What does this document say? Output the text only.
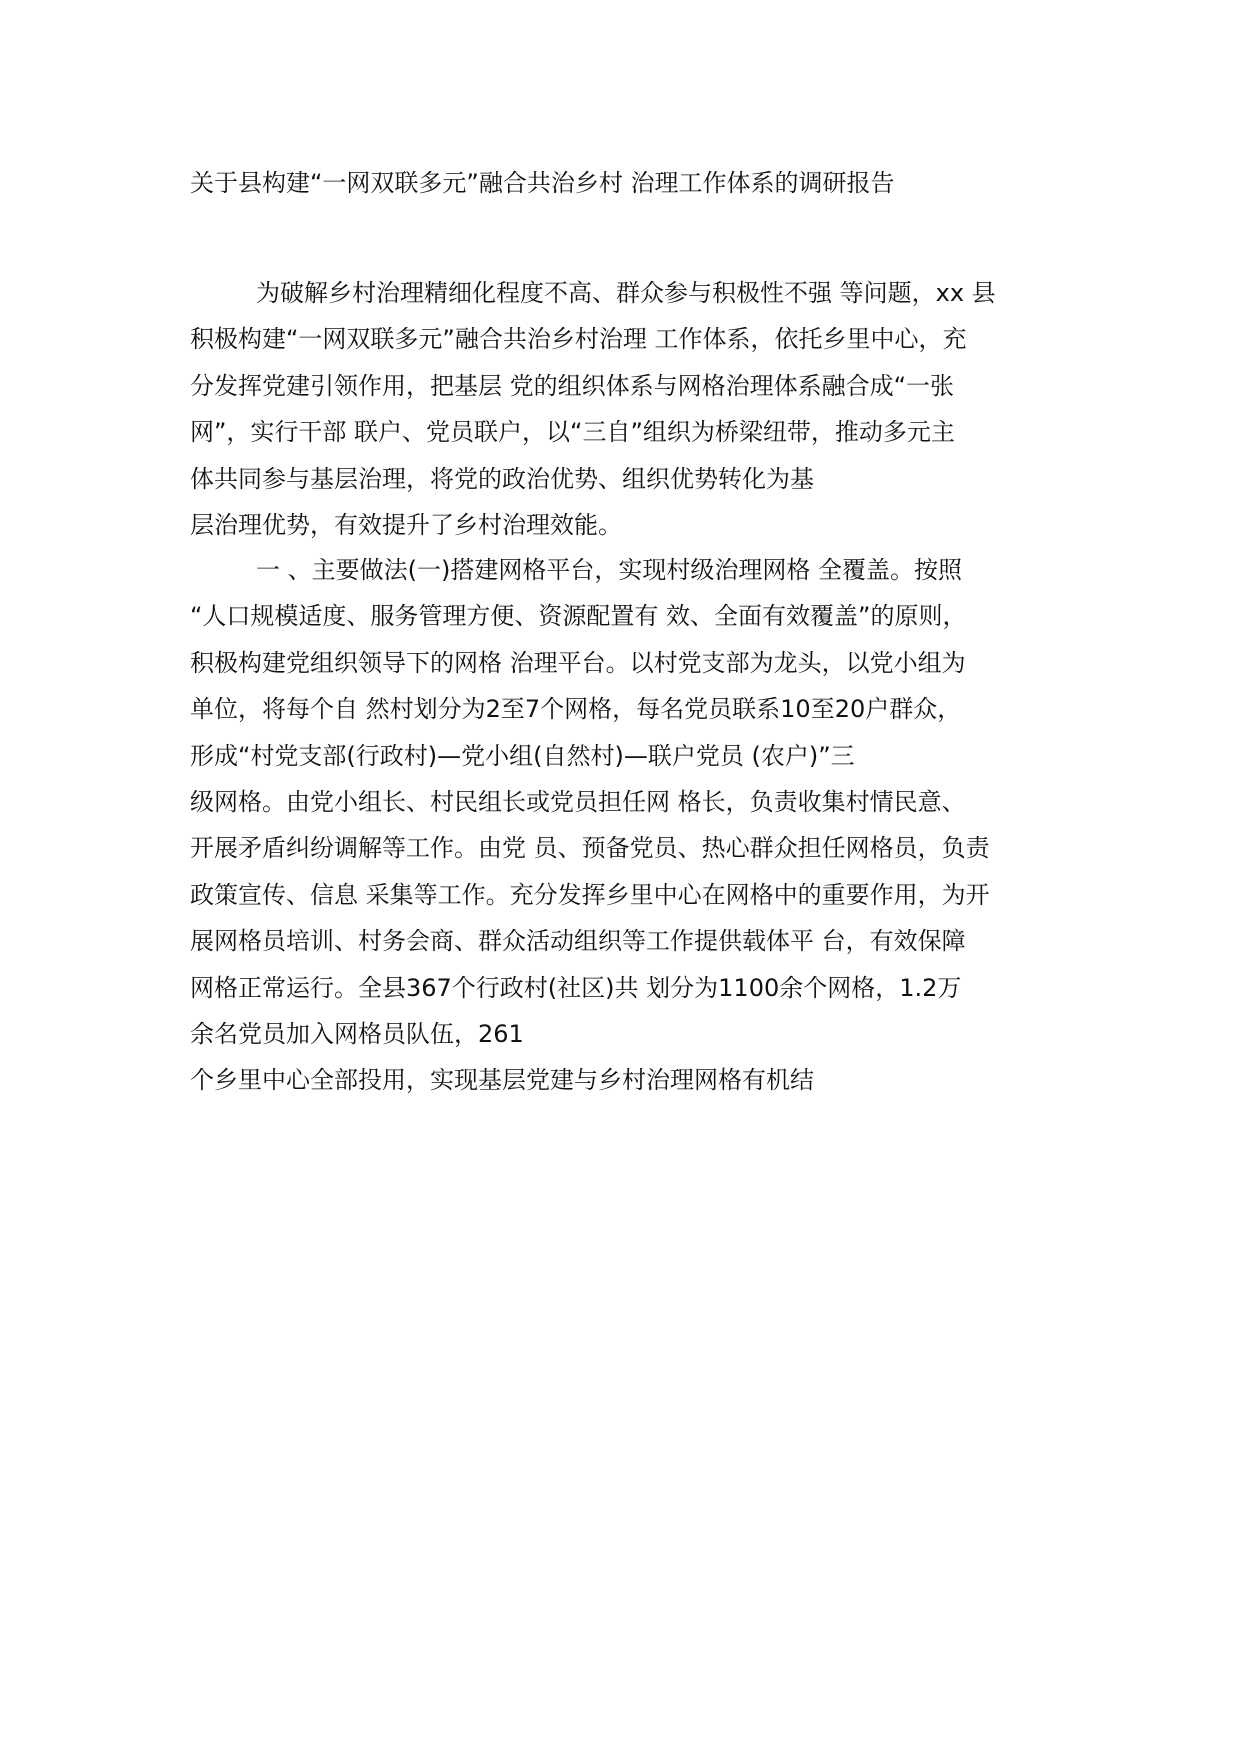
关于县构建“一网双联多元”融合共治乡村 治理工作体系的调研报告
为破解乡村治理精细化程度不高、群众参与积极性不强 等问题，xx 县
积极构建“一网双联多元”融合共治乡村治理 工作体系，依托乡里中心，充
分发挥党建引领作用，把基层 党的组织体系与网格治理体系融合成“一张
网”，实行干部 联户、党员联户，以“三自”组织为桥梁纽带，推动多元主
体共同参与基层治理，将党的政治优势、组织优势转化为基
层治理优势，有效提升了乡村治理效能。
一 、主要做法(一)搭建网格平台，实现村级治理网格 全覆盖。按照
“人口规模适度、服务管理方便、资源配置有 效、全面有效覆盖”的原则，
积极构建党组织领导下的网格 治理平台。以村党支部为龙头，以党小组为
单位，将每个自 然村划分为2至7个网格，每名党员联系10至20户群众，
形成“村党支部(行政村)—党小组(自然村)—联户党员 (农户)”三
级网格。由党小组长、村民组长或党员担任网 格长，负责收集村情民意、
开展矛盾纠纷调解等工作。由党 员、预备党员、热心群众担任网格员，负责
政策宣传、信息 采集等工作。充分发挥乡里中心在网格中的重要作用，为开
展网格员培训、村务会商、群众活动组织等工作提供载体平 台，有效保障
网格正常运行。全县367个行政村(社区)共 划分为1100余个网格，1.2万
余名党员加入网格员队伍，261
个乡里中心全部投用，实现基层党建与乡村治理网格有机结
